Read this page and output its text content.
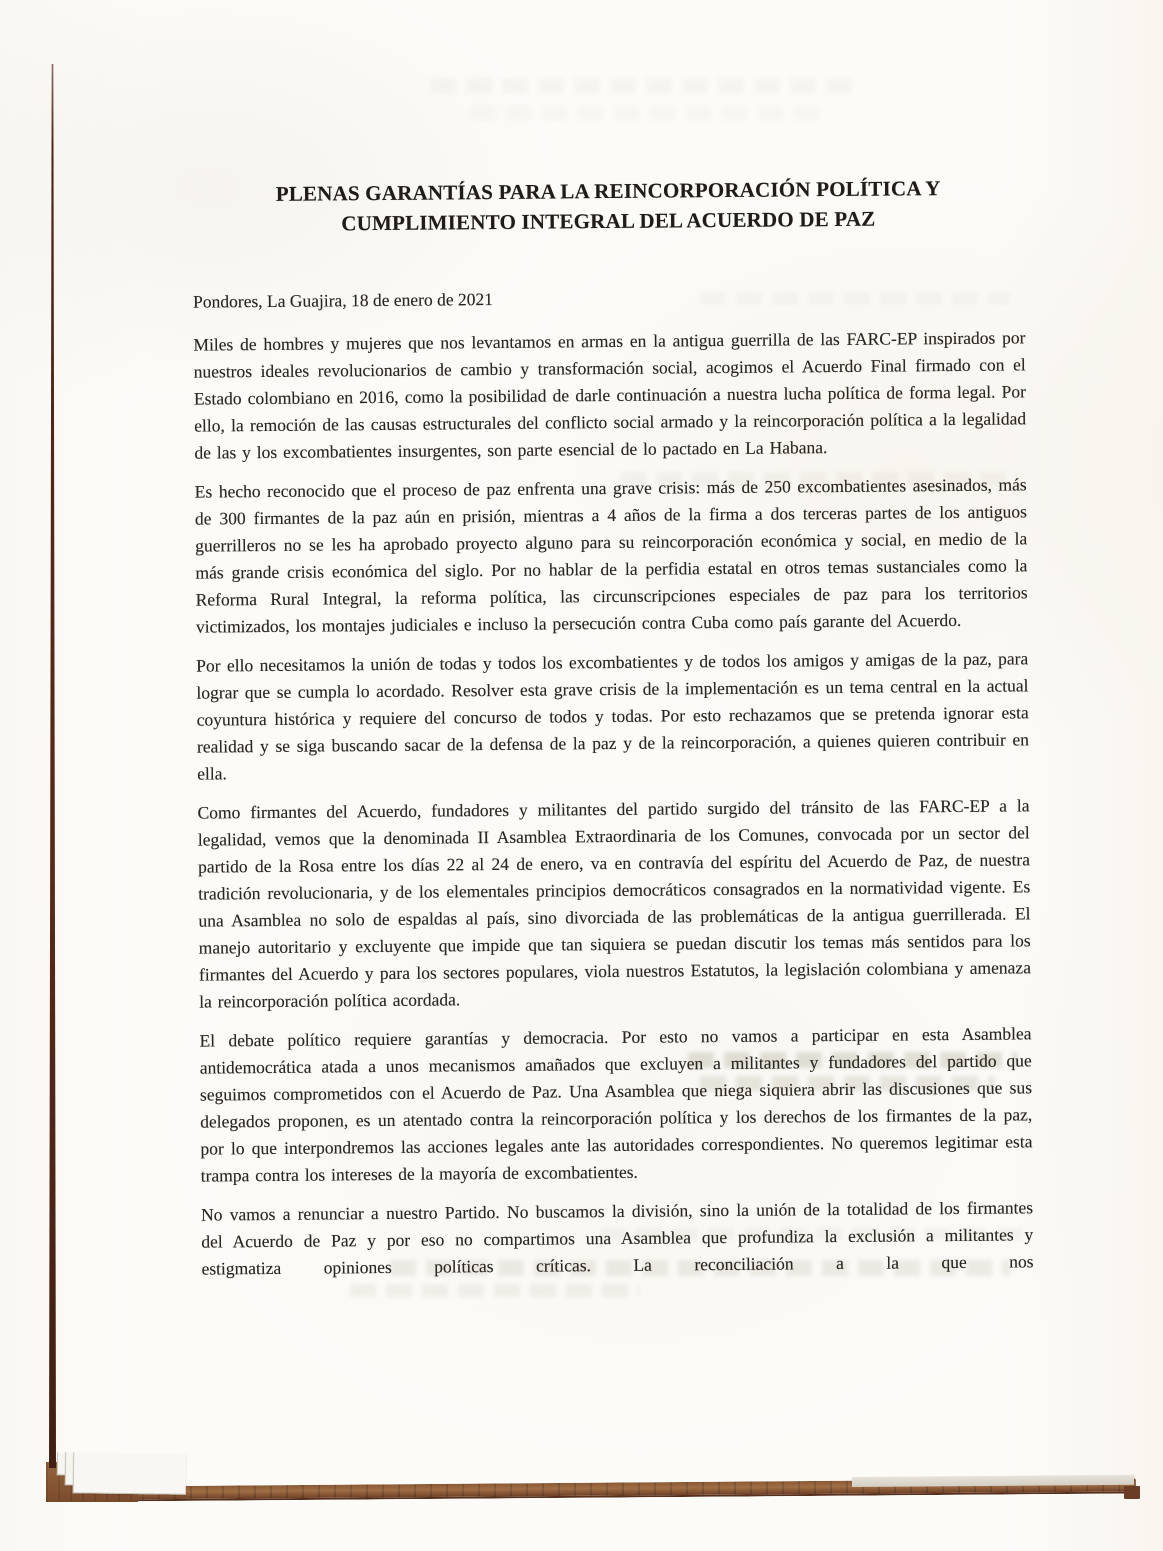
PLENAS GARANTÍAS PARA LA REINCORPORACIÓN POLÍTICA Y
CUMPLIMIENTO INTEGRAL DEL ACUERDO DE PAZ
Pondores, La Guajira, 18 de enero de 2021

Miles de hombres y mujeres que nos levantamos en armas en la antigua guerrilla de las FARC-EP inspirados por nuestros ideales revolucionarios de cambio y transformación social, acogimos el Acuerdo Final firmado con el Estado colombiano en 2016, como la posibilidad de darle continuación a nuestra lucha política de forma legal. Por ello, la remoción de las causas estructurales del conflicto social armado y la reincorporación política a la legalidad de las y los excombatientes insurgentes, son parte esencial de lo pactado en La Habana.

Es hecho reconocido que el proceso de paz enfrenta una grave crisis: más de 250 excombatientes asesinados, más de 300 firmantes de la paz aún en prisión, mientras a 4 años de la firma a dos terceras partes de los antiguos guerrilleros no se les ha aprobado proyecto alguno para su reincorporación económica y social, en medio de la más grande crisis económica del siglo. Por no hablar de la perfidia estatal en otros temas sustanciales como la Reforma Rural Integral, la reforma política, las circunscripciones especiales de paz para los territorios victimizados, los montajes judiciales e incluso la persecución contra Cuba como país garante del Acuerdo.

Por ello necesitamos la unión de todas y todos los excombatientes y de todos los amigos y amigas de la paz, para lograr que se cumpla lo acordado. Resolver esta grave crisis de la implementación es un tema central en la actual coyuntura histórica y requiere del concurso de todos y todas. Por esto rechazamos que se pretenda ignorar esta realidad y se siga buscando sacar de la defensa de la paz y de la reincorporación, a quienes quieren contribuir en ella.

Como firmantes del Acuerdo, fundadores y militantes del partido surgido del tránsito de las FARC-EP a la legalidad, vemos que la denominada II Asamblea Extraordinaria de los Comunes, convocada por un sector del partido de la Rosa entre los días 22 al 24 de enero, va en contravía del espíritu del Acuerdo de Paz, de nuestra tradición revolucionaria, y de los elementales principios democráticos consagrados en la normatividad vigente. Es una Asamblea no solo de espaldas al país, sino divorciada de las problemáticas de la antigua guerrillerada. El manejo autoritario y excluyente que impide que tan siquiera se puedan discutir los temas más sentidos para los firmantes del Acuerdo y para los sectores populares, viola nuestros Estatutos, la legislación colombiana y amenaza la reincorporación política acordada.

El debate político requiere garantías y democracia. Por esto no vamos a participar en esta Asamblea antidemocrática atada a unos mecanismos amañados que excluyen a militantes y fundadores del partido que seguimos comprometidos con el Acuerdo de Paz. Una Asamblea que niega siquiera abrir las discusiones que sus delegados proponen, es un atentado contra la reincorporación política y los derechos de los firmantes de la paz, por lo que interpondremos las acciones legales ante las autoridades correspondientes. No queremos legitimar esta trampa contra los intereses de la mayoría de excombatientes.

No vamos a renunciar a nuestro Partido. No buscamos la división, sino la unión de la totalidad de los firmantes del Acuerdo de Paz y por eso no compartimos una Asamblea que profundiza la exclusión a militantes y estigmatiza opiniones políticas críticas. La reconciliación a la que nos
